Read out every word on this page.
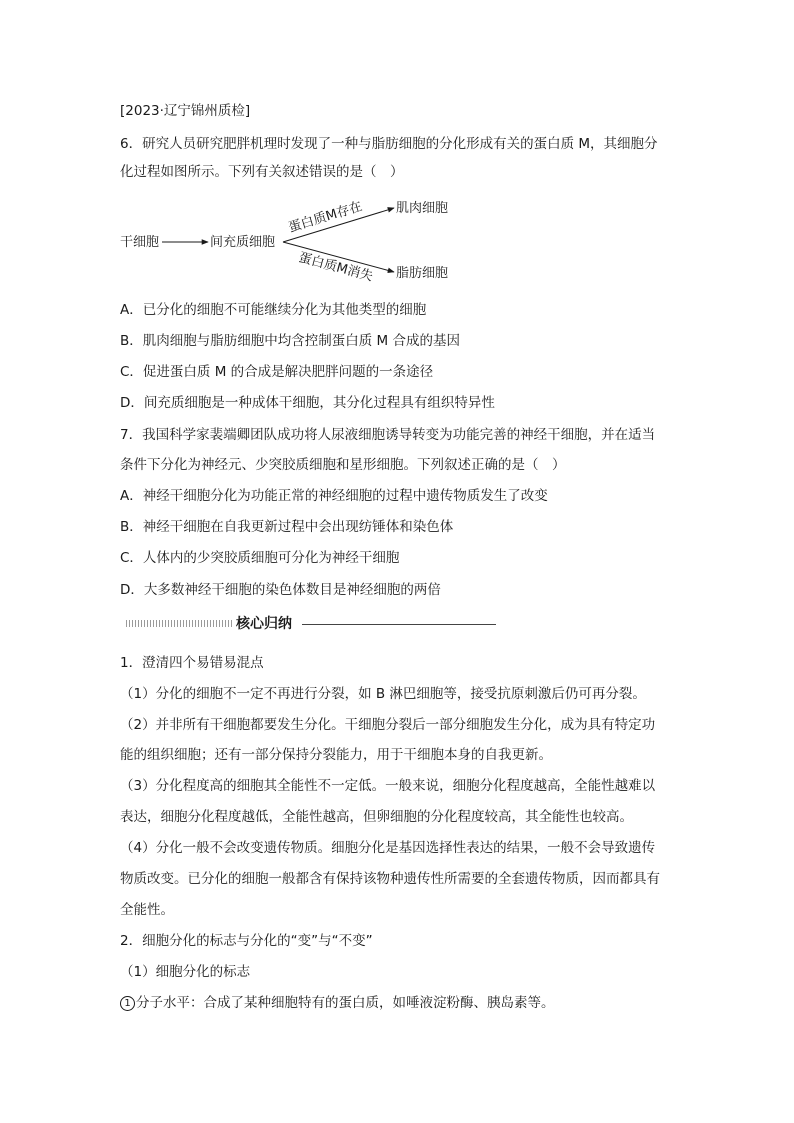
[2023·辽宁锦州质检]
6．研究人员研究肥胖机理时发现了一种与脂肪细胞的分化形成有关的蛋白质 M，其细胞分
化过程如图所示。下列有关叙述错误的是（　）
干细胞	间充质细胞
蛋白质M存在 肌肉细胞
蛋白质M消失 脂肪细胞
A．已分化的细胞不可能继续分化为其他类型的细胞
B．肌肉细胞与脂肪细胞中均含控制蛋白质 M 合成的基因
C．促进蛋白质 M 的合成是解决肥胖问题的一条途径
D．间充质细胞是一种成体干细胞，其分化过程具有组织特异性
7．我国科学家裴端卿团队成功将人尿液细胞诱导转变为功能完善的神经干细胞，并在适当
条件下分化为神经元、少突胶质细胞和星形细胞。下列叙述正确的是（　）
A．神经干细胞分化为功能正常的神经细胞的过程中遗传物质发生了改变
B．神经干细胞在自我更新过程中会出现纺锤体和染色体
C．人体内的少突胶质细胞可分化为神经干细胞
D．大多数神经干细胞的染色体数目是神经细胞的两倍
核心归纳
1．澄清四个易错易混点
（1）分化的细胞不一定不再进行分裂，如 B 淋巴细胞等，接受抗原刺激后仍可再分裂。
（2）并非所有干细胞都要发生分化。干细胞分裂后一部分细胞发生分化，成为具有特定功
能的组织细胞；还有一部分保持分裂能力，用于干细胞本身的自我更新。
（3）分化程度高的细胞其全能性不一定低。一般来说，细胞分化程度越高，全能性越难以
表达，细胞分化程度越低，全能性越高，但卵细胞的分化程度较高，其全能性也较高。
（4）分化一般不会改变遗传物质。细胞分化是基因选择性表达的结果，一般不会导致遗传
物质改变。已分化的细胞一般都含有保持该物种遗传性所需要的全套遗传物质，因而都具有
全能性。
2．细胞分化的标志与分化的“变”与“不变”
（1）细胞分化的标志
1 分子水平：合成了某种细胞特有的蛋白质，如唾液淀粉酶、胰岛素等。
